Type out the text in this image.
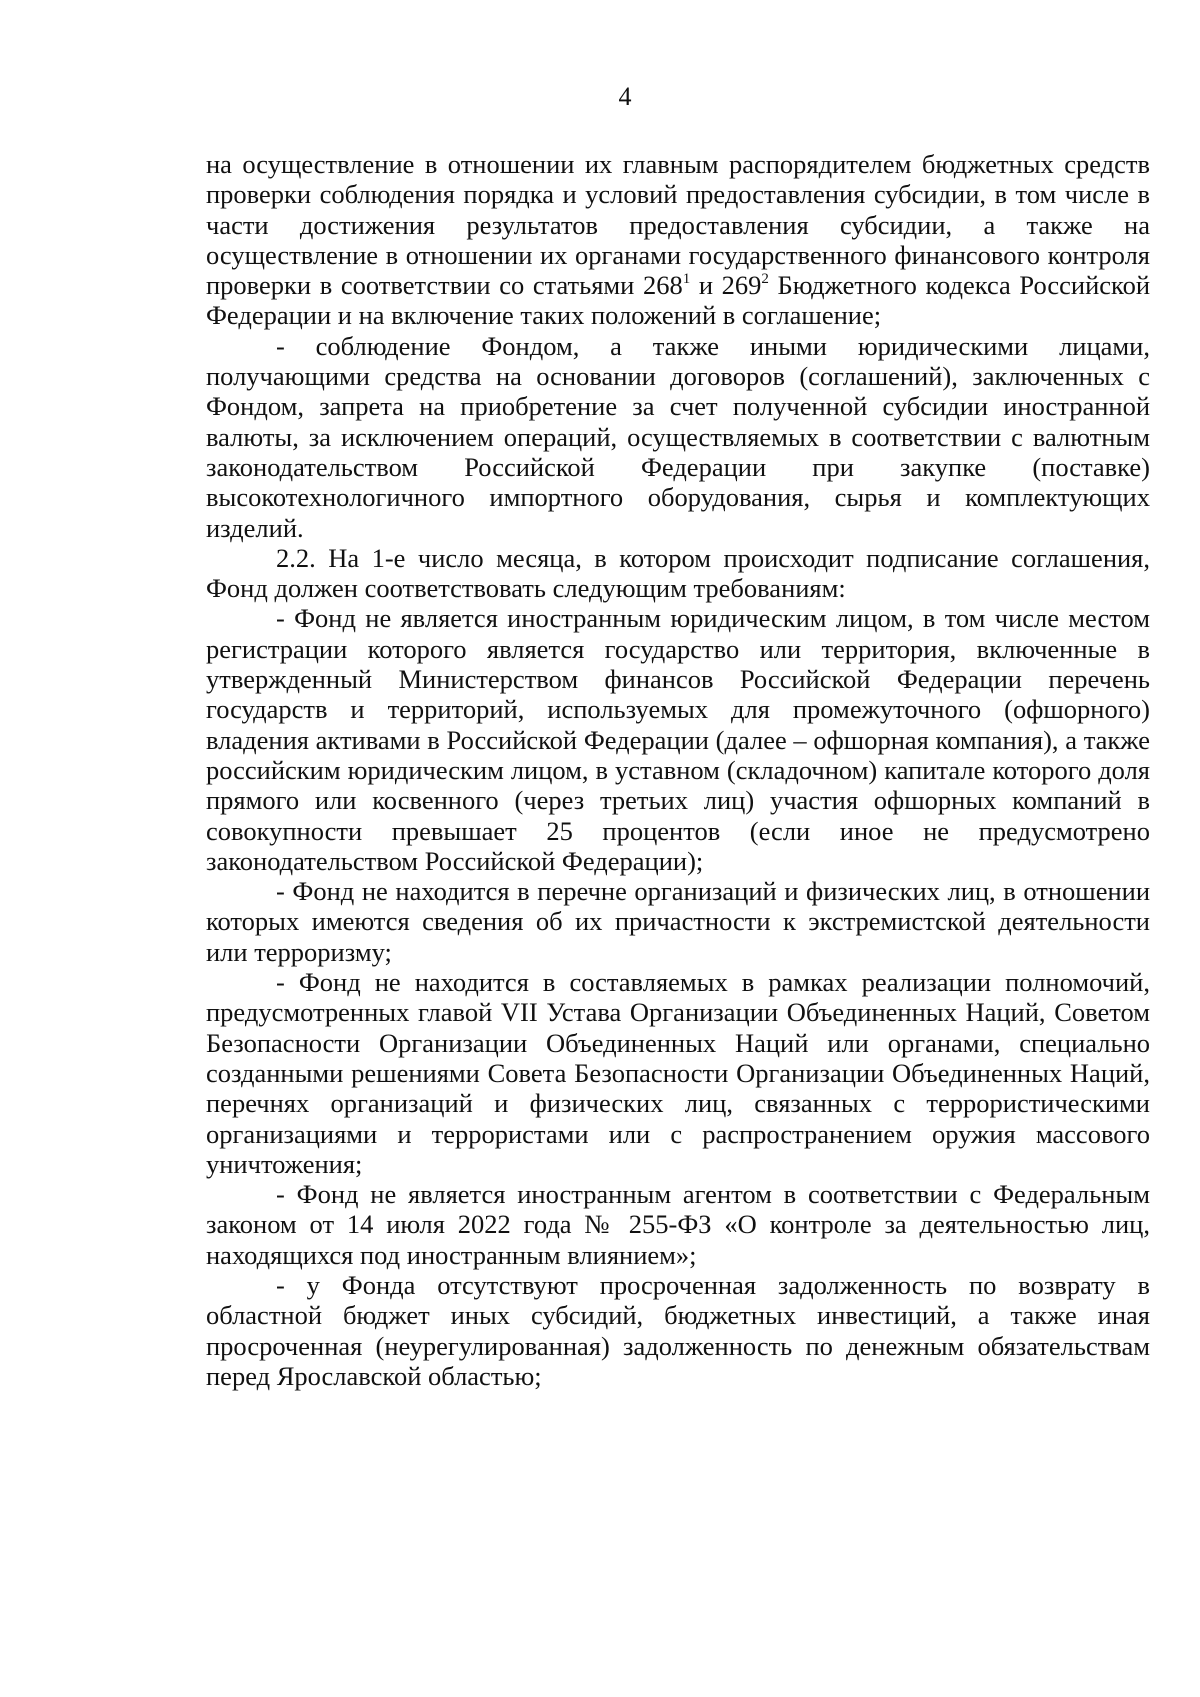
4

на осуществление в отношении их главным распорядителем бюджетных средств проверки соблюдения порядка и условий предоставления субсидии, в том числе в части достижения результатов предоставления субсидии, а также на осуществление в отношении их органами государственного финансового контроля проверки в соответствии со статьями $268^1$ и $269^2$ Бюджетного кодекса Российской Федерации и на включение таких положений в соглашение;

- соблюдение Фондом, а также иными юридическими лицами, получающими средства на основании договоров (соглашений), заключенных с Фондом, запрета на приобретение за счет полученной субсидии иностранной валюты, за исключением операций, осуществляемых в соответствии с валютным законодательством Российской Федерации при закупке (поставке) высокотехнологичного импортного оборудования, сырья и комплектующих изделий.

2.2. На 1-е число месяца, в котором происходит подписание соглашения, Фонд должен соответствовать следующим требованиям:

- Фонд не является иностранным юридическим лицом, в том числе местом регистрации которого является государство или территория, включенные в утвержденный Министерством финансов Российской Федерации перечень государств и территорий, используемых для промежуточного (офшорного) владения активами в Российской Федерации (далее – офшорная компания), а также российским юридическим лицом, в уставном (складочном) капитале которого доля прямого или косвенного (через третьих лиц) участия офшорных компаний в совокупности превышает 25 процентов (если иное не предусмотрено законодательством Российской Федерации);

- Фонд не находится в перечне организаций и физических лиц, в отношении которых имеются сведения об их причастности к экстремистской деятельности или терроризму;

- Фонд не находится в составляемых в рамках реализации полномочий, предусмотренных главой VII Устава Организации Объединенных Наций, Советом Безопасности Организации Объединенных Наций или органами, специально созданными решениями Совета Безопасности Организации Объединенных Наций, перечнях организаций и физических лиц, связанных с террористическими организациями и террористами или с распространением оружия массового уничтожения;

- Фонд не является иностранным агентом в соответствии с Федеральным законом от 14 июля 2022 года № 255-ФЗ «О контроле за деятельностью лиц, находящихся под иностранным влиянием»;

- у Фонда отсутствуют просроченная задолженность по возврату в областной бюджет иных субсидий, бюджетных инвестиций, а также иная просроченная (неурегулированная) задолженность по денежным обязательствам перед Ярославской областью;
